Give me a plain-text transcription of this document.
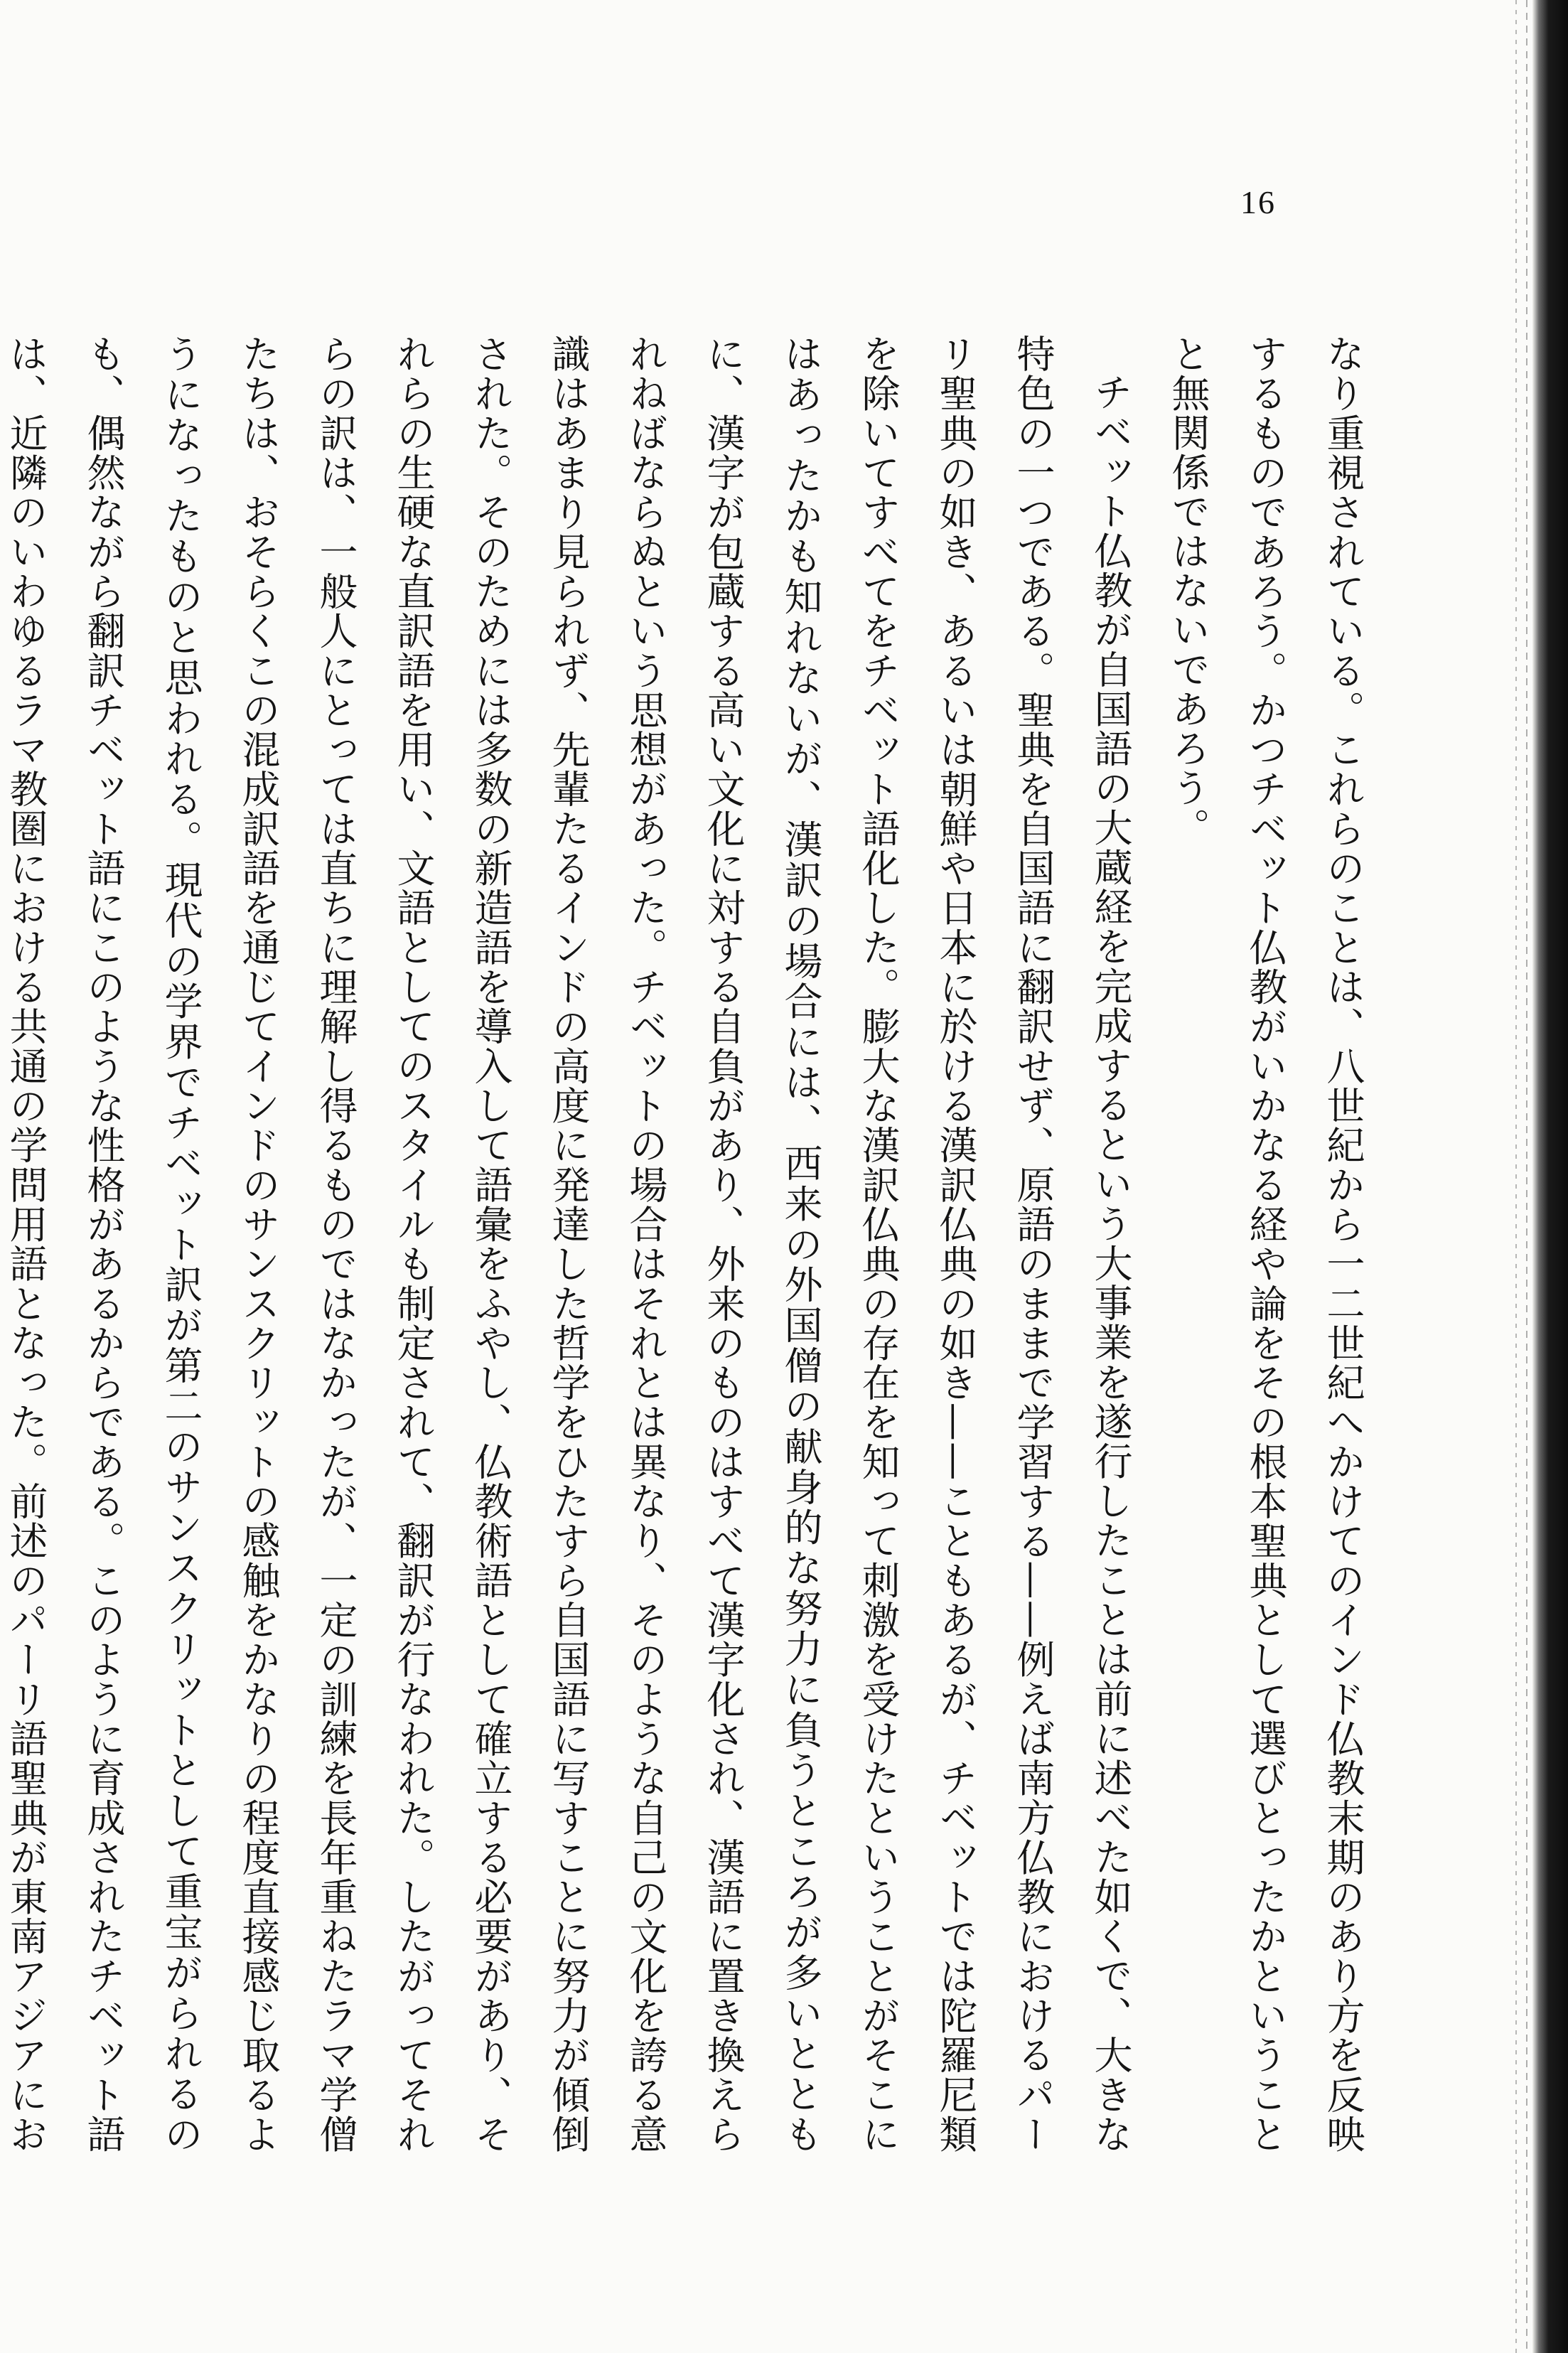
16

なり重視されている。これらのことは、八世紀から一二世紀へかけてのインド仏教末期のあり方を反映するものであろう。かつチベット仏教がいかなる経や論をその根本聖典として選びとったかということと無関係ではないであろう。

チベット仏教が自国語の大蔵経を完成するという大事業を遂行したことは前に述べた如くで、大きな特色の一つである。聖典を自国語に翻訳せず、原語のままで学習する——例えば南方仏教におけるパーリ聖典の如き、あるいは朝鮮や日本に於ける漢訳仏典の如き——こともあるが、チベットでは陀羅尼類を除いてすべてをチベット語化した。膨大な漢訳仏典の存在を知って刺激を受けたということがそこにはあったかも知れないが、漢訳の場合には、西来の外国僧の献身的な努力に負うところが多いとともに、漢字が包蔵する高い文化に対する自負があり、外来のものはすべて漢字化され、漢語に置き換えられねばならぬという思想があった。チベットの場合はそれとは異なり、そのような自己の文化を誇る意識はあまり見られず、先輩たるインドの高度に発達した哲学をひたすら自国語に写すことに努力が傾倒された。そのためには多数の新造語を導入して語彙をふやし、仏教術語として確立する必要があり、それらの生硬な直訳語を用い、文語としてのスタイルも制定されて、翻訳が行なわれた。したがってそれらの訳は、一般人にとっては直ちに理解し得るものではなかったが、一定の訓練を長年重ねたラマ学僧たちは、おそらくこの混成訳語を通じてインドのサンスクリットの感触をかなりの程度直接感じ取るようになったものと思われる。現代の学界でチベット訳が第二のサンスクリットとして重宝がられるのも、偶然ながら翻訳チベット語にこのような性格があるからである。このように育成されたチベット語は、近隣のいわゆるラマ教圏における共通の学問用語となった。前述のパーリ語聖典が東南アジアにお
